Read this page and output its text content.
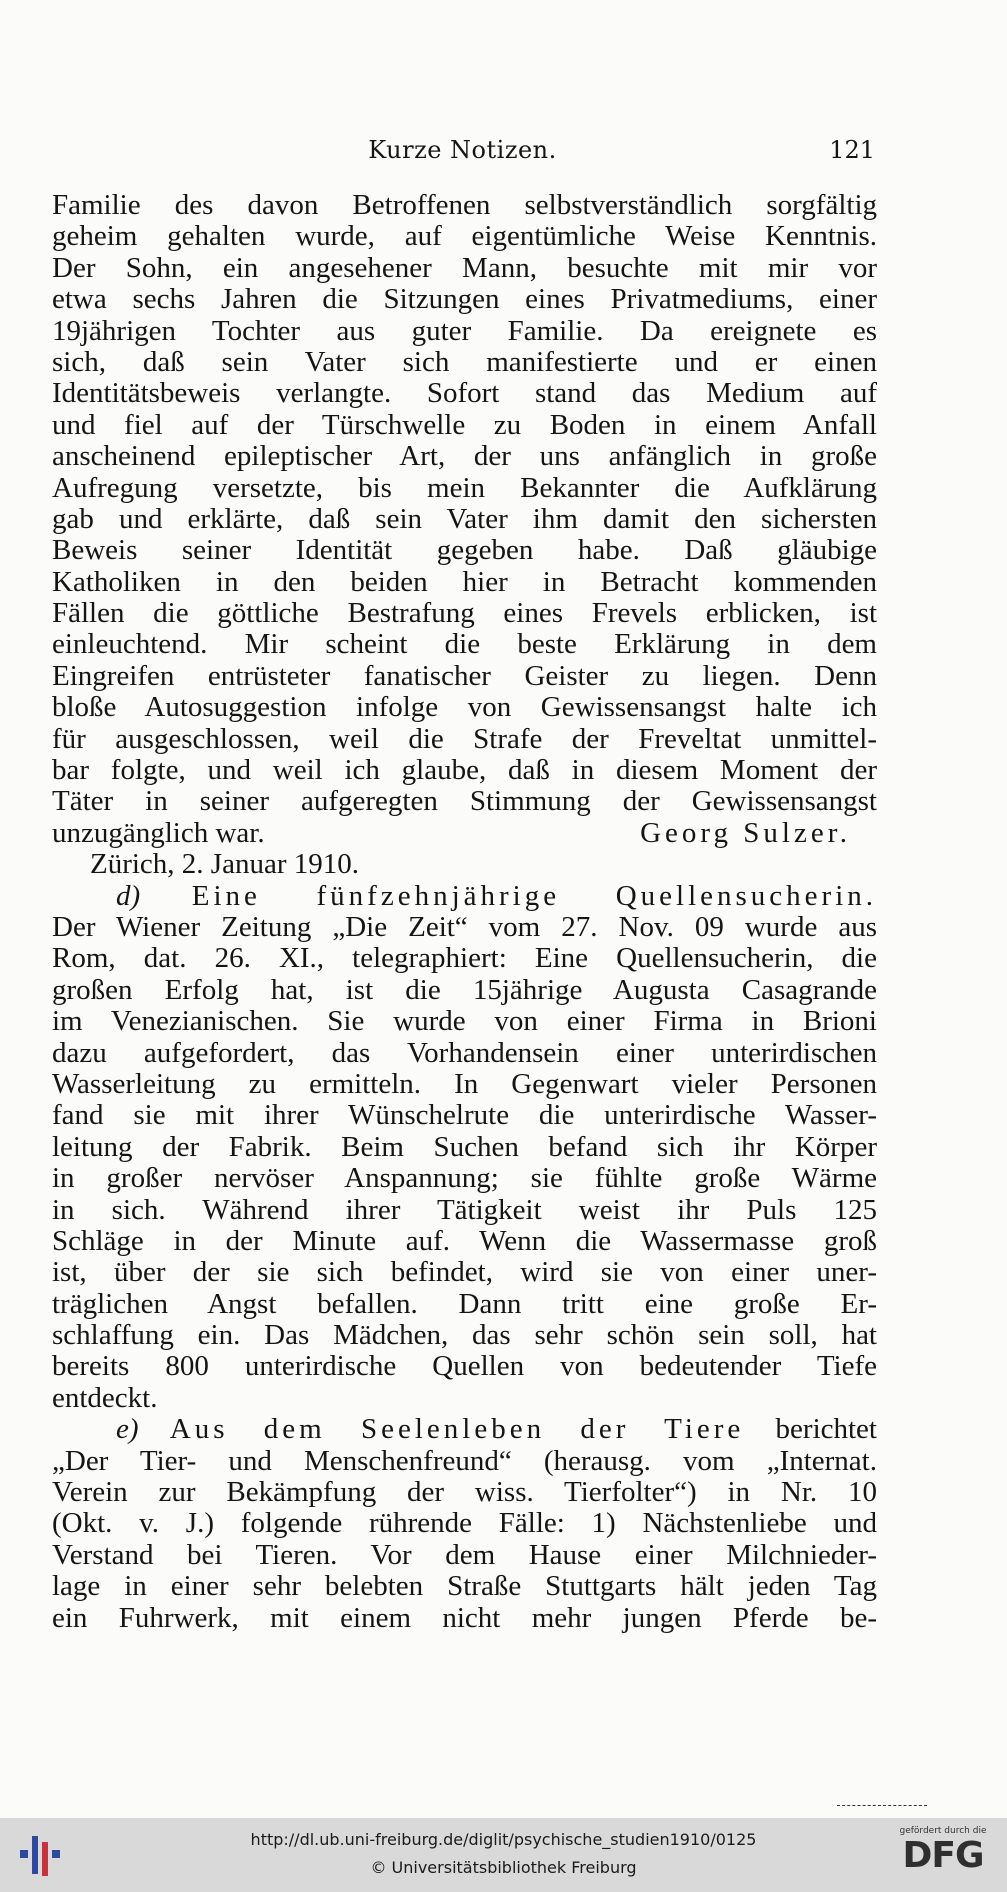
Kurze Notizen.	121
Familie des davon Betroffenen selbstverständlich sorgfältig
geheim gehalten wurde, auf eigentümliche Weise Kenntnis.
Der Sohn, ein angesehener Mann, besuchte mit mir vor
etwa sechs Jahren die Sitzungen eines Privatmediums, einer
19jährigen Tochter aus guter Familie. Da ereignete es
sich, daß sein Vater sich manifestierte und er einen
Identitätsbeweis verlangte. Sofort stand das Medium auf
und fiel auf der Türschwelle zu Boden in einem Anfall
anscheinend epileptischer Art, der uns anfänglich in große
Aufregung versetzte, bis mein Bekannter die Aufklärung
gab und erklärte, daß sein Vater ihm damit den sichersten
Beweis seiner Identität gegeben habe. Daß gläubige
Katholiken in den beiden hier in Betracht kommenden
Fällen die göttliche Bestrafung eines Frevels erblicken, ist
einleuchtend. Mir scheint die beste Erklärung in dem
Eingreifen entrüsteter fanatischer Geister zu liegen. Denn
bloße Autosuggestion infolge von Gewissensangst halte ich
für ausgeschlossen, weil die Strafe der Freveltat unmittel-
bar folgte, und weil ich glaube, daß in diesem Moment der
Täter in seiner aufgeregten Stimmung der Gewissensangst
unzugänglich war.	Georg Sulzer.
Zürich, 2. Januar 1910.
d) Eine fünfzehnjährige Quellensucherin.
Der Wiener Zeitung „Die Zeit“ vom 27. Nov. 09 wurde aus
Rom, dat. 26. XI., telegraphiert: Eine Quellensucherin, die
großen Erfolg hat, ist die 15jährige Augusta Casagrande
im Venezianischen. Sie wurde von einer Firma in Brioni
dazu aufgefordert, das Vorhandensein einer unterirdischen
Wasserleitung zu ermitteln. In Gegenwart vieler Personen
fand sie mit ihrer Wünschelrute die unterirdische Wasser-
leitung der Fabrik. Beim Suchen befand sich ihr Körper
in großer nervöser Anspannung; sie fühlte große Wärme
in sich. Während ihrer Tätigkeit weist ihr Puls 125
Schläge in der Minute auf. Wenn die Wassermasse groß
ist, über der sie sich befindet, wird sie von einer uner-
träglichen Angst befallen. Dann tritt eine große Er-
schlaffung ein. Das Mädchen, das sehr schön sein soll, hat
bereits 800 unterirdische Quellen von bedeutender Tiefe
entdeckt.
e) Aus dem Seelenleben der Tiere berichtet
„Der Tier- und Menschenfreund“ (herausg. vom „Internat.
Verein zur Bekämpfung der wiss. Tierfolter“) in Nr. 10
(Okt. v. J.) folgende rührende Fälle: 1) Nächstenliebe und
Verstand bei Tieren. Vor dem Hause einer Milchnieder-
lage in einer sehr belebten Straße Stuttgarts hält jeden Tag
ein Fuhrwerk, mit einem nicht mehr jungen Pferde be-
http://dl.ub.uni-freiburg.de/diglit/psychische_studien1910/0125
© Universitätsbibliothek Freiburg
gefördert durch die
DFG
